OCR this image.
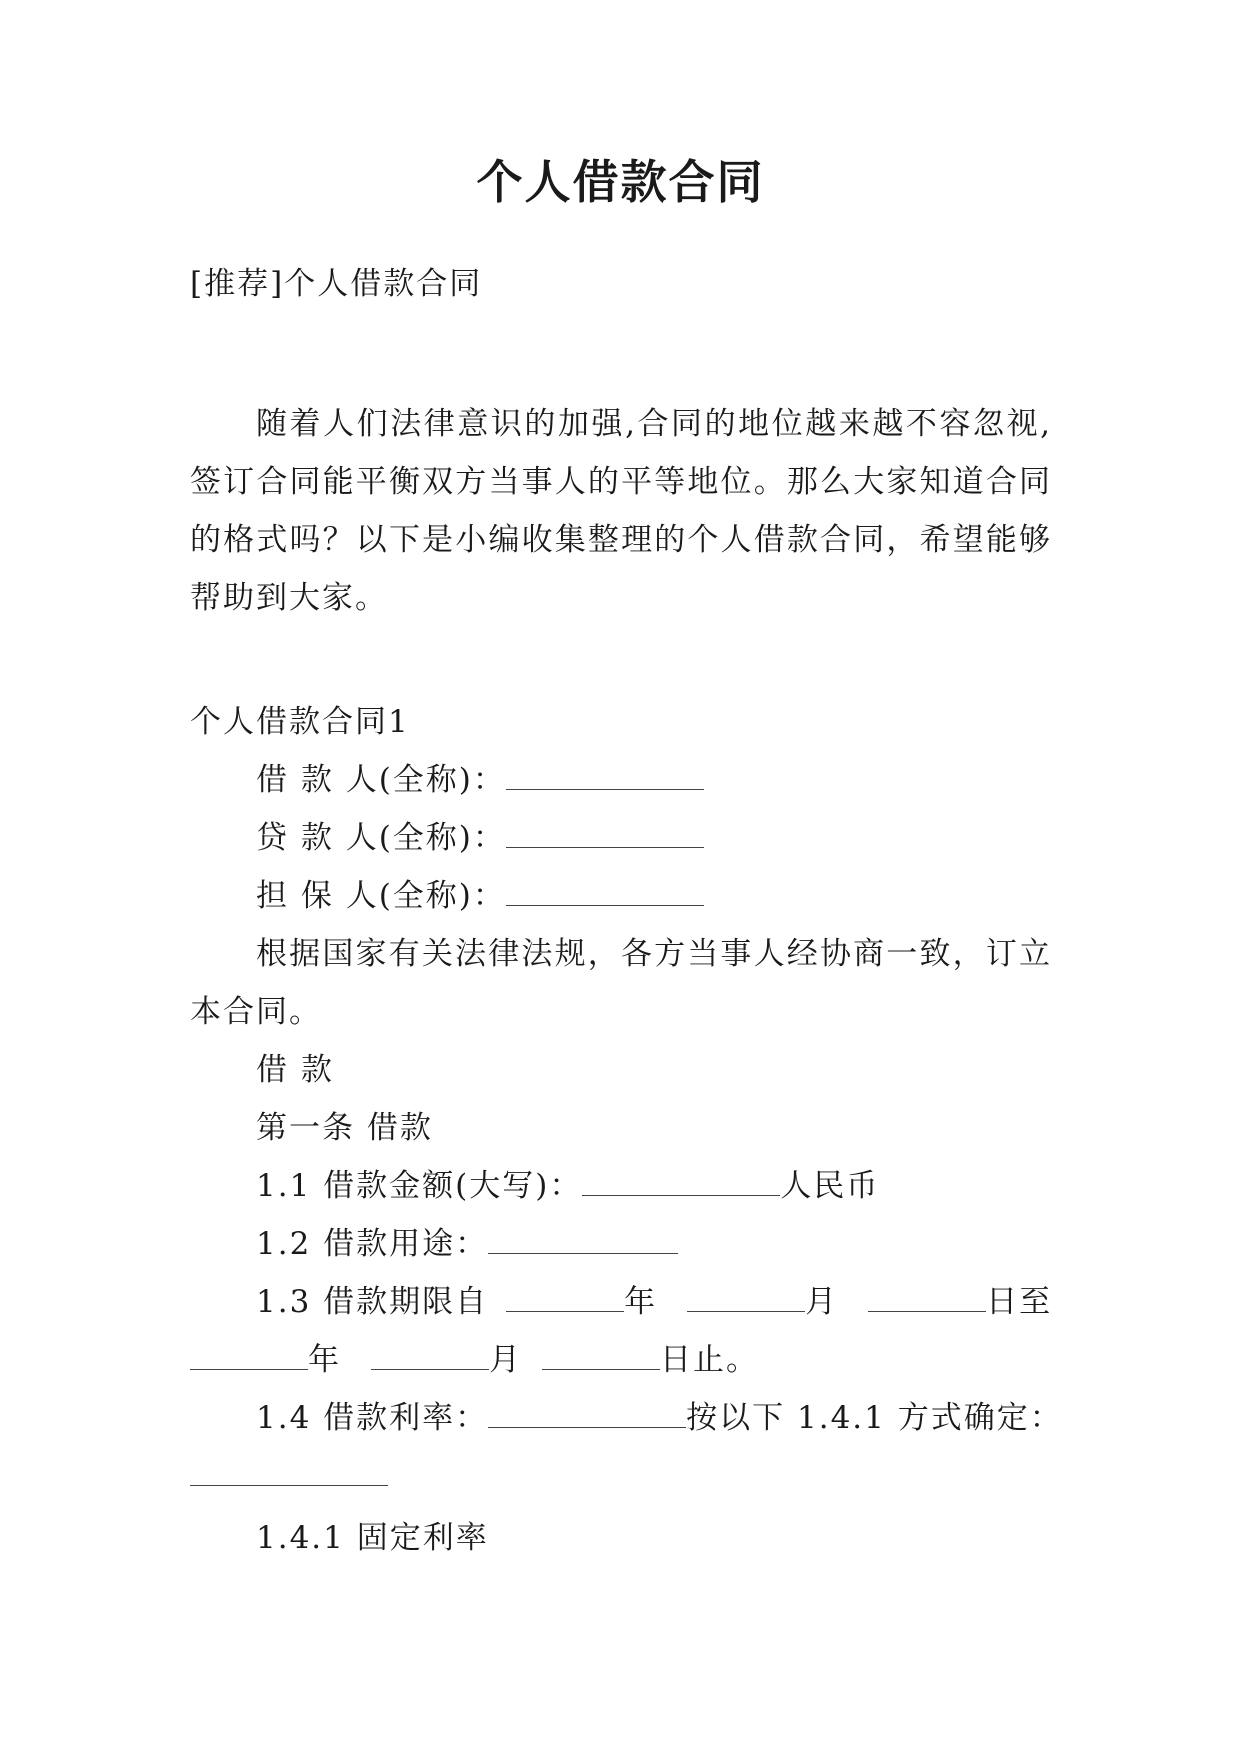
个人借款合同
[推荐]个人借款合同
随着人们法律意识的加强,合同的地位越来越不容忽视,
签订合同能平衡双方当事人的平等地位。那么大家知道合同
的格式吗？以下是小编收集整理的个人借款合同，希望能够
帮助到大家。
个人借款合同1
借 款 人(全称)：
贷 款 人(全称)：
担 保 人(全称)：
根据国家有关法律法规，各方当事人经协商一致，订立
本合同。
借 款
第一条 借款
1.1 借款金额(大写)：	人民币
1.2 借款用途：
1.3 借款期限自	年	月	日至
年	月	日止。
1.4 借款利率：	按以下 1.4.1 方式确定：
1.4.1 固定利率
